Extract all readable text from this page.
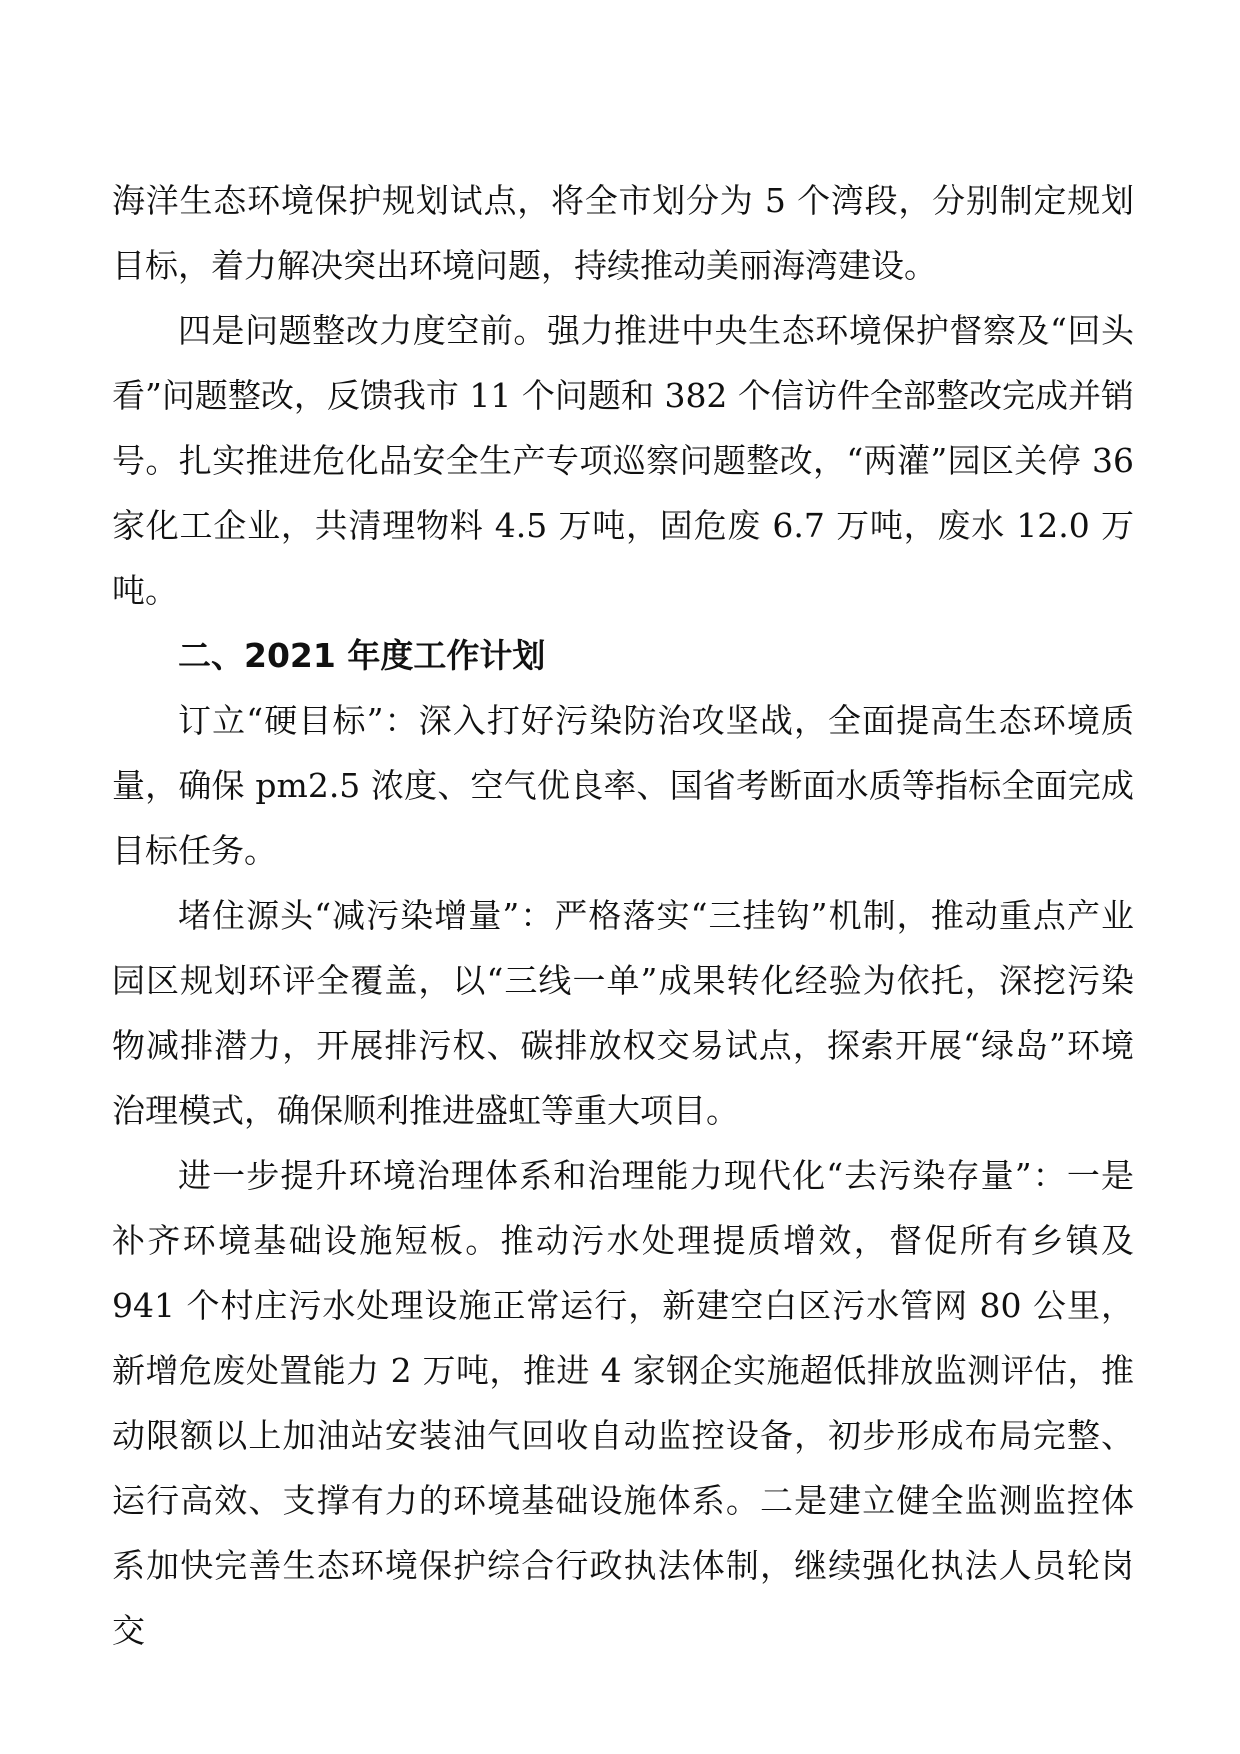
海洋生态环境保护规划试点，将全市划分为 5 个湾段，分别制定规划目标，着力解决突出环境问题，持续推动美丽海湾建设。

四是问题整改力度空前。强力推进中央生态环境保护督察及“回头看”问题整改，反馈我市 11 个问题和 382 个信访件全部整改完成并销号。扎实推进危化品安全生产专项巡察问题整改，“两灌”园区关停 36 家化工企业，共清理物料 4.5 万吨，固危废 6.7 万吨，废水 12.0 万吨。

二、2021 年度工作计划

订立“硬目标”：深入打好污染防治攻坚战，全面提高生态环境质量，确保 pm2.5 浓度、空气优良率、国省考断面水质等指标全面完成目标任务。

堵住源头“减污染增量”：严格落实“三挂钩”机制，推动重点产业园区规划环评全覆盖，以“三线一单”成果转化经验为依托，深挖污染物减排潜力，开展排污权、碳排放权交易试点，探索开展“绿岛”环境治理模式，确保顺利推进盛虹等重大项目。

进一步提升环境治理体系和治理能力现代化“去污染存量”：一是补齐环境基础设施短板。推动污水处理提质增效，督促所有乡镇及 941 个村庄污水处理设施正常运行，新建空白区污水管网 80 公里，新增危废处置能力 2 万吨，推进 4 家钢企实施超低排放监测评估，推动限额以上加油站安装油气回收自动监控设备，初步形成布局完整、运行高效、支撑有力的环境基础设施体系。二是建立健全监测监控体系加快完善生态环境保护综合行政执法体制，继续强化执法人员轮岗交
